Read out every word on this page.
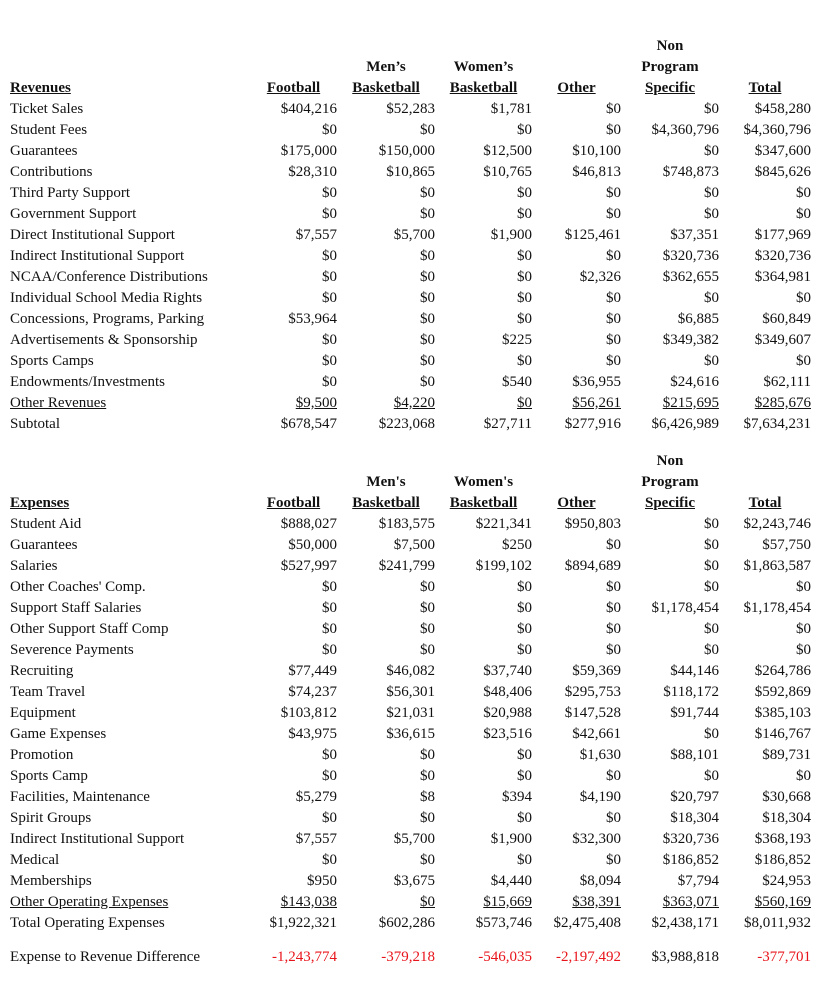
					Non	
		Men’s	Women’s		Program	
Revenues	Football	Basketball	Basketball	Other	Specific	Total
Ticket Sales	$404,216	$52,283	$1,781	$0	$0	$458,280
Student Fees	$0	$0	$0	$0	$4,360,796	$4,360,796
Guarantees	$175,000	$150,000	$12,500	$10,100	$0	$347,600
Contributions	$28,310	$10,865	$10,765	$46,813	$748,873	$845,626
Third Party Support	$0	$0	$0	$0	$0	$0
Government Support	$0	$0	$0	$0	$0	$0
Direct Institutional Support	$7,557	$5,700	$1,900	$125,461	$37,351	$177,969
Indirect Institutional Support	$0	$0	$0	$0	$320,736	$320,736
NCAA/Conference Distributions	$0	$0	$0	$2,326	$362,655	$364,981
Individual School Media Rights	$0	$0	$0	$0	$0	$0
Concessions, Programs, Parking	$53,964	$0	$0	$0	$6,885	$60,849
Advertisements & Sponsorship	$0	$0	$225	$0	$349,382	$349,607
Sports Camps	$0	$0	$0	$0	$0	$0
Endowments/Investments	$0	$0	$540	$36,955	$24,616	$62,111
Other Revenues	$9,500	$4,220	$0	$56,261	$215,695	$285,676
Subtotal	$678,547	$223,068	$27,711	$277,916	$6,426,989	$7,634,231
					Non	
		Men's	Women's		Program	
Expenses	Football	Basketball	Basketball	Other	Specific	Total
Student Aid	$888,027	$183,575	$221,341	$950,803	$0	$2,243,746
Guarantees	$50,000	$7,500	$250	$0	$0	$57,750
Salaries	$527,997	$241,799	$199,102	$894,689	$0	$1,863,587
Other Coaches' Comp.	$0	$0	$0	$0	$0	$0
Support Staff Salaries	$0	$0	$0	$0	$1,178,454	$1,178,454
Other Support Staff Comp	$0	$0	$0	$0	$0	$0
Severence Payments	$0	$0	$0	$0	$0	$0
Recruiting	$77,449	$46,082	$37,740	$59,369	$44,146	$264,786
Team Travel	$74,237	$56,301	$48,406	$295,753	$118,172	$592,869
Equipment	$103,812	$21,031	$20,988	$147,528	$91,744	$385,103
Game Expenses	$43,975	$36,615	$23,516	$42,661	$0	$146,767
Promotion	$0	$0	$0	$1,630	$88,101	$89,731
Sports Camp	$0	$0	$0	$0	$0	$0
Facilities, Maintenance	$5,279	$8	$394	$4,190	$20,797	$30,668
Spirit Groups	$0	$0	$0	$0	$18,304	$18,304
Indirect Institutional Support	$7,557	$5,700	$1,900	$32,300	$320,736	$368,193
Medical	$0	$0	$0	$0	$186,852	$186,852
Memberships	$950	$3,675	$4,440	$8,094	$7,794	$24,953
Other Operating Expenses	$143,038	$0	$15,669	$38,391	$363,071	$560,169
Total Operating Expenses	$1,922,321	$602,286	$573,746	$2,475,408	$2,438,171	$8,011,932
Expense to Revenue Difference	-1,243,774	-379,218	-546,035	-2,197,492	$3,988,818	-377,701
